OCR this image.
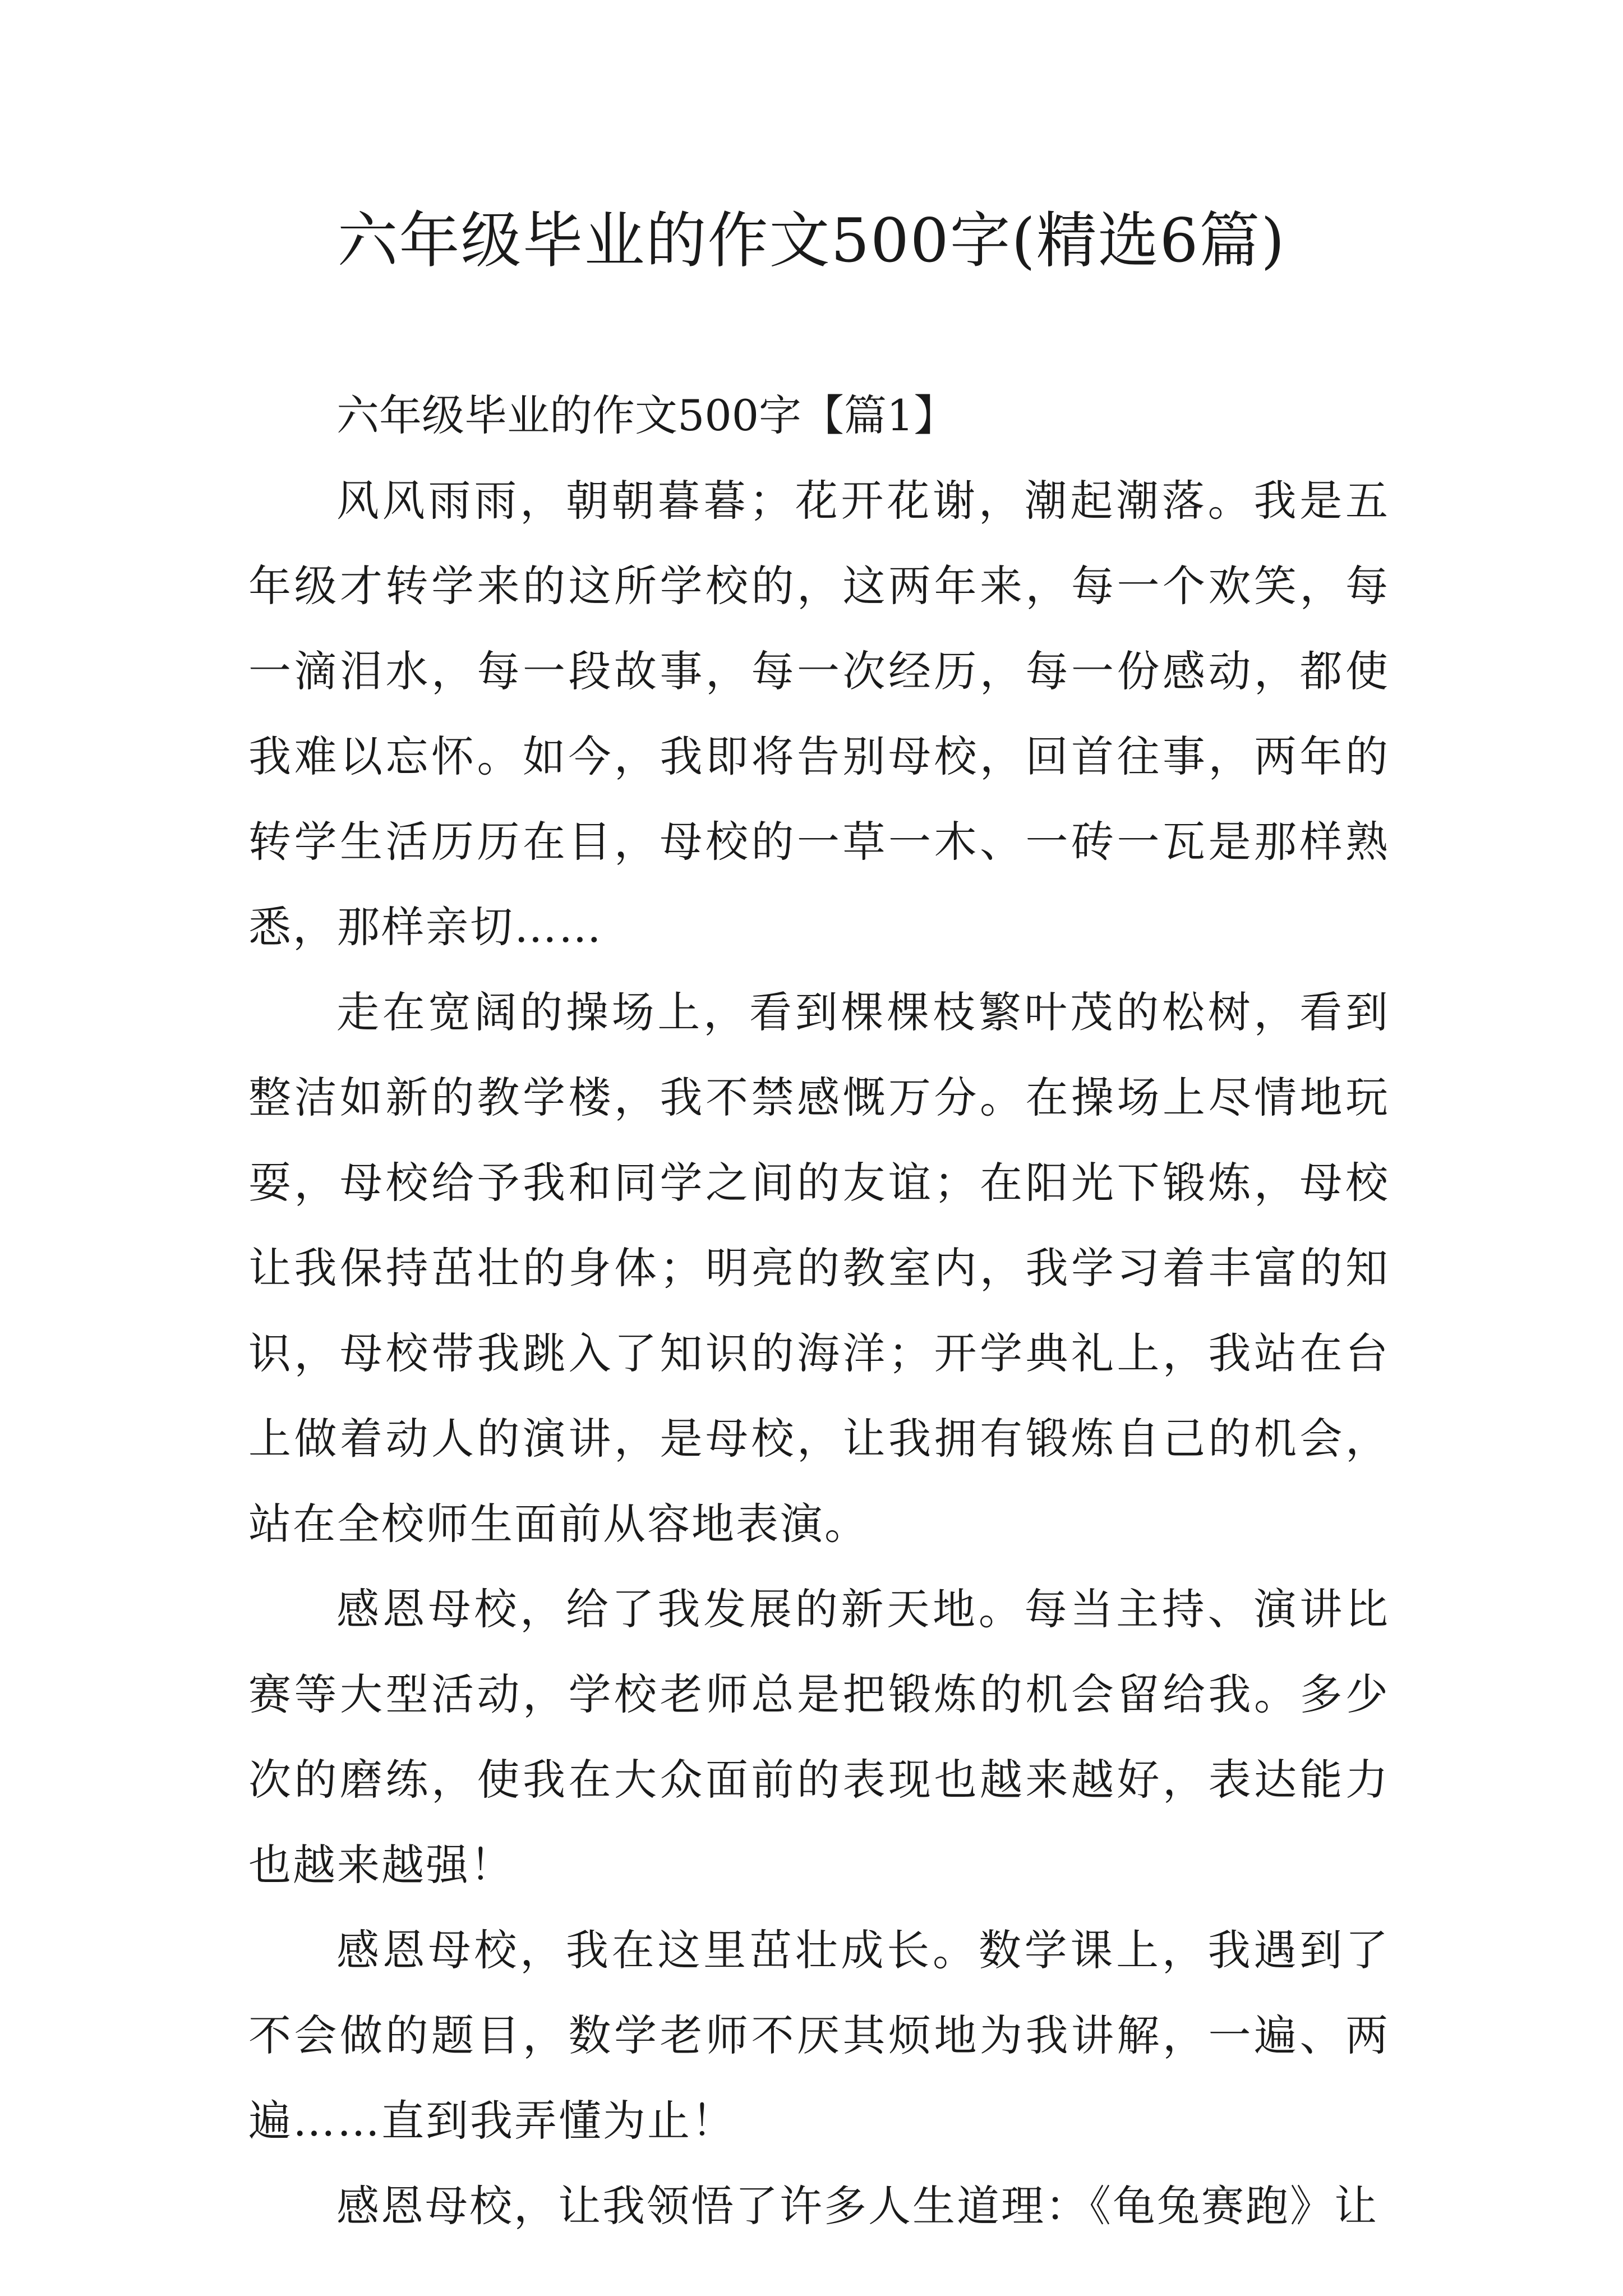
六年级毕业的作文500字(精选6篇)
六年级毕业的作文500字【篇1】

风风雨雨，朝朝暮暮；花开花谢，潮起潮落。我是五年级才转学来的这所学校的，这两年来，每一个欢笑，每一滴泪水，每一段故事，每一次经历，每一份感动，都使我难以忘怀。如今，我即将告别母校，回首往事，两年的转学生活历历在目，母校的一草一木、一砖一瓦是那样熟悉，那样亲切……

走在宽阔的操场上，看到棵棵枝繁叶茂的松树，看到整洁如新的教学楼，我不禁感慨万分。在操场上尽情地玩耍，母校给予我和同学之间的友谊；在阳光下锻炼，母校让我保持茁壮的身体；明亮的教室内，我学习着丰富的知识，母校带我跳入了知识的海洋；开学典礼上，我站在台上做着动人的演讲，是母校，让我拥有锻炼自己的机会，站在全校师生面前从容地表演。

感恩母校，给了我发展的新天地。每当主持、演讲比赛等大型活动，学校老师总是把锻炼的机会留给我。多少次的磨练，使我在大众面前的表现也越来越好，表达能力也越来越强！

感恩母校，我在这里茁壮成长。数学课上，我遇到了不会做的题目，数学老师不厌其烦地为我讲解，一遍、两遍……直到我弄懂为止！

感恩母校，让我领悟了许多人生道理：《龟兔赛跑》让
